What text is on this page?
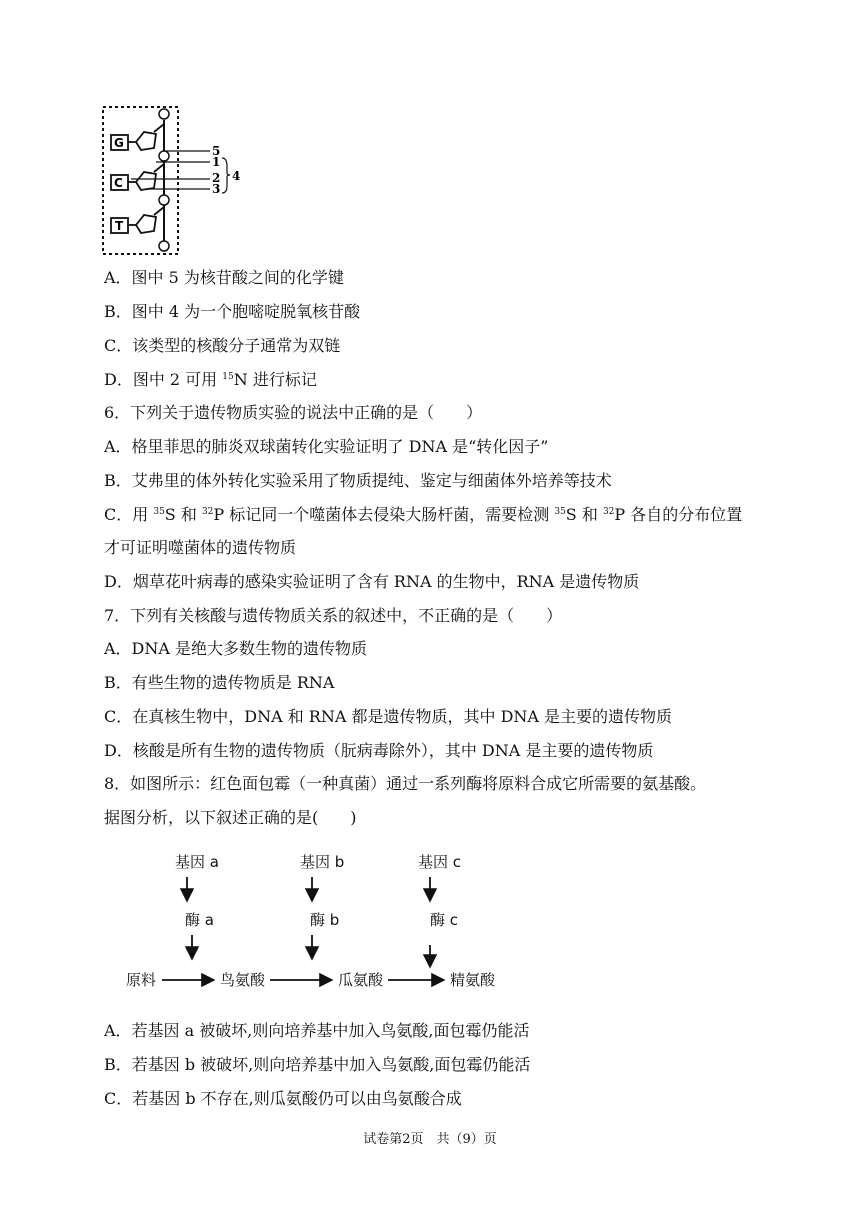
G
C
T
5
1
2
3
4
A．图中 5 为核苷酸之间的化学键
B．图中 4 为一个胞嘧啶脱氧核苷酸
C．该类型的核酸分子通常为双链
D．图中 2 可用 $^{15}$N 进行标记
6．下列关于遗传物质实验的说法中正确的是（　　）
A．格里菲思的肺炎双球菌转化实验证明了 DNA 是“转化因子”
B．艾弗里的体外转化实验采用了物质提纯、鉴定与细菌体外培养等技术
C．用 $^{35}$S 和 $^{32}$P 标记同一个噬菌体去侵染大肠杆菌，需要检测 $^{35}$S 和 $^{32}$P 各自的分布位置
才可证明噬菌体的遗传物质
D．烟草花叶病毒的感染实验证明了含有 RNA 的生物中，RNA 是遗传物质
7．下列有关核酸与遗传物质关系的叙述中，不正确的是（　　）
A．DNA 是绝大多数生物的遗传物质
B．有些生物的遗传物质是 RNA
C．在真核生物中，DNA 和 RNA 都是遗传物质，其中 DNA 是主要的遗传物质
D．核酸是所有生物的遗传物质（朊病毒除外），其中 DNA 是主要的遗传物质
8．如图所示：红色面包霉（一种真菌）通过一系列酶将原料合成它所需要的氨基酸。
据图分析，以下叙述正确的是(　　)
基因 a	基因 b	基因 c
酶 a	酶 b	酶 c
原料	鸟氨酸	瓜氨酸	精氨酸
A．若基因 a 被破坏,则向培养基中加入鸟氨酸,面包霉仍能活
B．若基因 b 被破坏,则向培养基中加入鸟氨酸,面包霉仍能活
C．若基因 b 不存在,则瓜氨酸仍可以由鸟氨酸合成
试卷第2页　共（9）页
